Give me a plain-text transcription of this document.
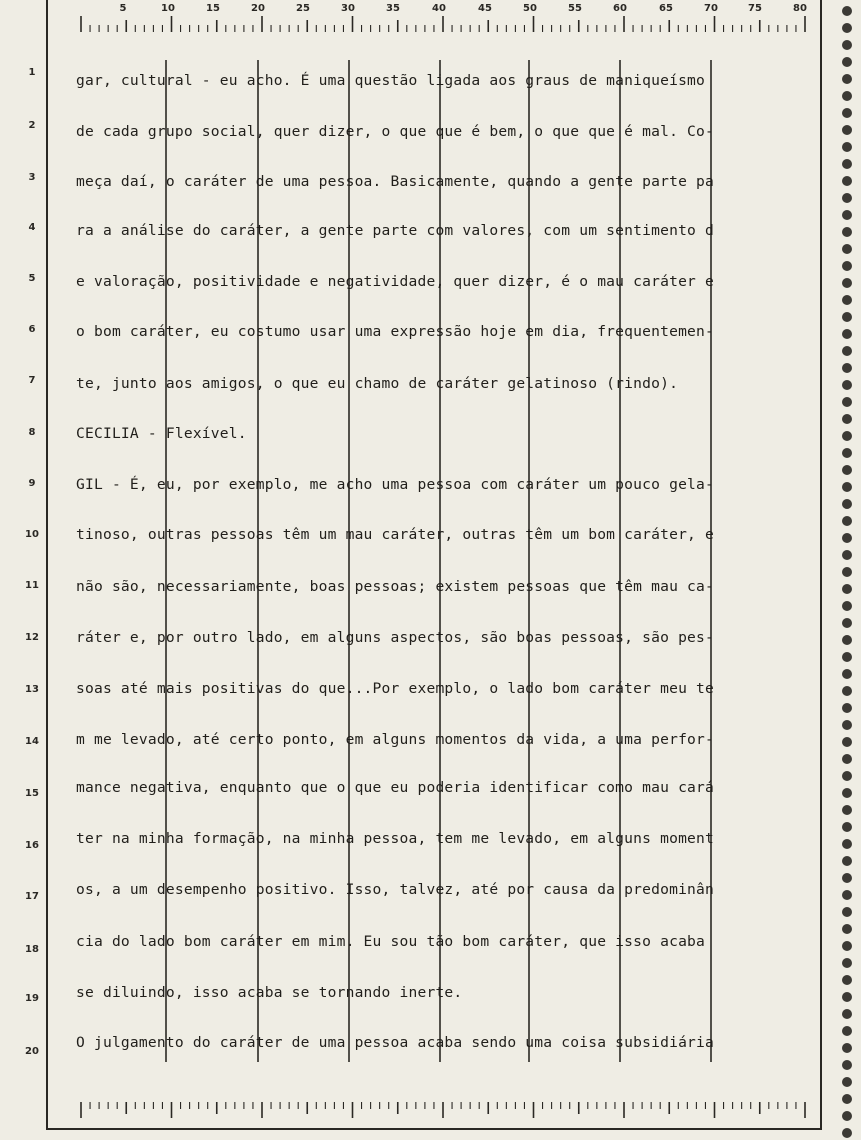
5	10	15	20	25	30	35	40	45	50	55	60	65	70	75	80
1
2
3
4
5
6
7
8
9
10
11
12
13
14
15
16
17
18
19
20
gar, cultural - eu acho. É uma questão ligada aos graus de maniqueísmo
de cada grupo social, quer dizer, o que que é bem, o que que é mal. Co-
meça daí, o caráter de uma pessoa. Basicamente, quando a gente parte pa
ra a análise do caráter, a gente parte com valores, com um sentimento d
e valoração, positividade e negatividade, quer dizer, é o mau caráter e
o bom caráter, eu costumo usar uma expressão hoje em dia, frequentemen-
te, junto aos amigos, o que eu chamo de caráter gelatinoso (rindo).
CECILIA - Flexível.
GIL - É, eu, por exemplo, me acho uma pessoa com caráter um pouco gela-
tinoso, outras pessoas têm um mau caráter, outras têm um bom caráter, e
não são, necessariamente, boas pessoas; existem pessoas que têm mau ca-
ráter e, por outro lado, em alguns aspectos, são boas pessoas, são pes-
soas até mais positivas do que...Por exemplo, o lado bom caráter meu te
m me levado, até certo ponto, em alguns momentos da vida, a uma perfor-
mance negativa, enquanto que o que eu poderia identificar como mau cará
ter na minha formação, na minha pessoa, tem me levado, em alguns moment
os, a um desempenho positivo. Isso, talvez, até por causa da predominân
cia do lado bom caráter em mim. Eu sou tão bom caráter, que isso acaba
se diluindo, isso acaba se tornando inerte.
O julgamento do caráter de uma pessoa acaba sendo uma coisa subsidiária
